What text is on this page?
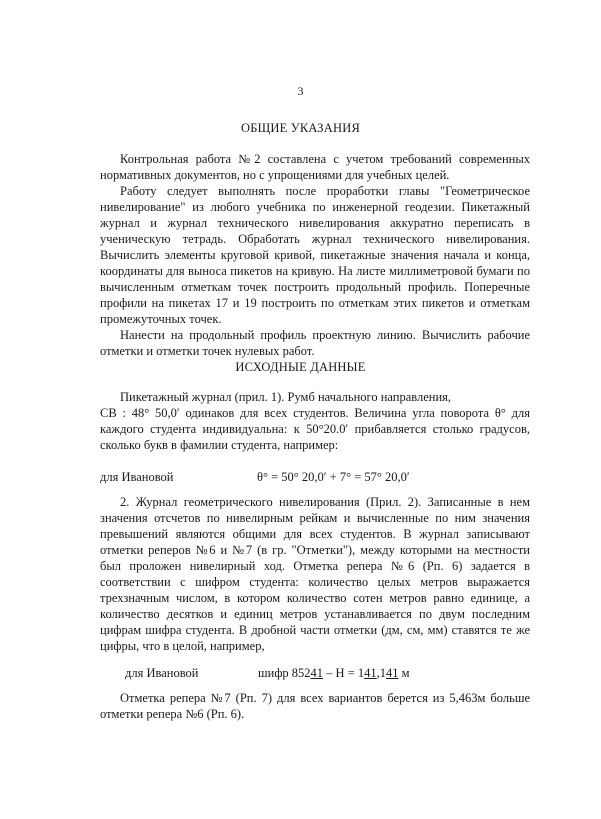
3
ОБЩИЕ УКАЗАНИЯ

Контрольная работа №2 составлена с учетом требований современных нормативных документов, но с упрощениями для учебных целей.

Работу следует выполнять после проработки главы "Геометрическое нивелирование" из любого учебника по инженерной геодезии. Пикетажный журнал и журнал технического нивелирования аккуратно переписать в ученическую тетрадь. Обработать журнал технического нивелирования. Вычислить элементы круговой кривой, пикетажные значения начала и конца, координаты для выноса пикетов на кривую. На листе миллиметровой бумаги по вычисленным отметкам точек построить продольный профиль. Поперечные профили на пикетах 17 и 19 построить по отметкам этих пикетов и отметкам промежуточных точек.

Нанести на продольный профиль проектную линию. Вычислить рабочие отметки и отметки точек нулевых работ.

ИСХОДНЫЕ ДАННЫЕ

Пикетажный журнал (прил. 1). Румб начального направления,

СВ : 48° 50,0′ одинаков для всех студентов. Величина угла поворота θ° для каждого студента индивидуальна: к 50°20.0′ прибавляется столько градусов, сколько букв в фамилии студента, например:
для Ивановой	θ° = 50° 20,0′ + 7° = 57° 20,0′

2. Журнал геометрического нивелирования (Прил. 2). Записанные в нем значения отсчетов по нивелирным рейкам и вычисленные по ним значения превышений являются общими для всех студентов. В журнал записывают отметки реперов №6 и №7 (в гр. "Отметки"), между которыми на местности был проложен нивелирный ход. Отметка репера №6 (Рп. 6) задается в соответствии с шифром студента: количество целых метров выражается трехзначным числом, в котором количество сотен метров равно единице, а количество десятков и единиц метров устанавливается по двум последним цифрам шифра студента. В дробной части отметки (дм, см, мм) ставятся те же цифры, что в целой, например,

для Ивановой	шифр 85241 – Н = 141,141 м

Отметка репера №7 (Рп. 7) для всех вариантов берется из 5,463м больше отметки репера №6 (Рп. 6).
